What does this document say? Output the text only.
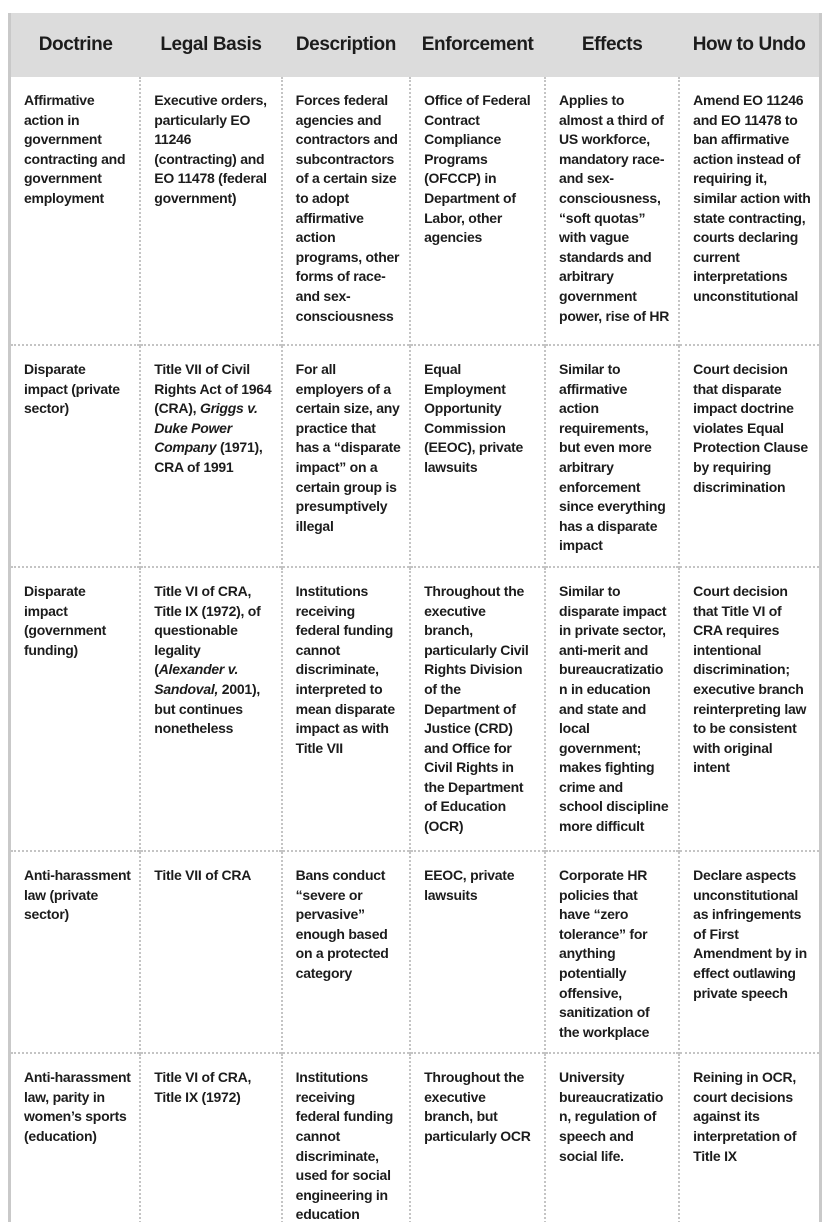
Doctrine	Legal Basis	Description	Enforcement	Effects	How to Undo
Affirmative action in government contracting and government employment	Executive orders, particularly EO 11246 (contracting) and EO 11478 (federal government)	Forces federal agencies and contractors and subcontractors of a certain size to adopt affirmative action programs, other forms of race- and sex-consciousness	Office of Federal Contract Compliance Programs (OFCCP) in Department of Labor, other agencies	Applies to almost a third of US workforce, mandatory race- and sex-consciousness, “soft quotas” with vague standards and arbitrary government power, rise of HR	Amend EO 11246 and EO 11478 to ban affirmative action instead of requiring it, similar action with state contracting, courts declaring current interpretations unconstitutional
Disparate impact (private sector)	Title VII of Civil Rights Act of 1964 (CRA), Griggs v. Duke Power Company (1971), CRA of 1991	For all employers of a certain size, any practice that has a “disparate impact” on a certain group is presumptively illegal	Equal Employment Opportunity Commission (EEOC), private lawsuits	Similar to affirmative action requirements, but even more arbitrary enforcement since everything has a disparate impact	Court decision that disparate impact doctrine violates Equal Protection Clause by requiring discrimination
Disparate impact (government funding)	Title VI of CRA, Title IX (1972), of questionable legality (Alexander v. Sandoval, 2001), but continues nonetheless	Institutions receiving federal funding cannot discriminate, interpreted to mean disparate impact as with Title VII	Throughout the executive branch, particularly Civil Rights Division of the Department of Justice (CRD) and Office for Civil Rights in the Department of Education (OCR)	Similar to disparate impact in private sector, anti-merit and bureaucratization in education and state and local government; makes fighting crime and school discipline more difficult	Court decision that Title VI of CRA requires intentional discrimination; executive branch reinterpreting law to be consistent with original intent
Anti-harassment law (private sector)	Title VII of CRA	Bans conduct “severe or pervasive” enough based on a protected category	EEOC, private lawsuits	Corporate HR policies that have “zero tolerance” for anything potentially offensive, sanitization of the workplace	Declare aspects unconstitutional as infringements of First Amendment by in effect outlawing private speech
Anti-harassment law, parity in women’s sports (education)	Title VI of CRA, Title IX (1972)	Institutions receiving federal funding cannot discriminate, used for social engineering in education	Throughout the executive branch, but particularly OCR	University bureaucratization, regulation of speech and social life.	Reining in OCR, court decisions against its interpretation of Title IX
